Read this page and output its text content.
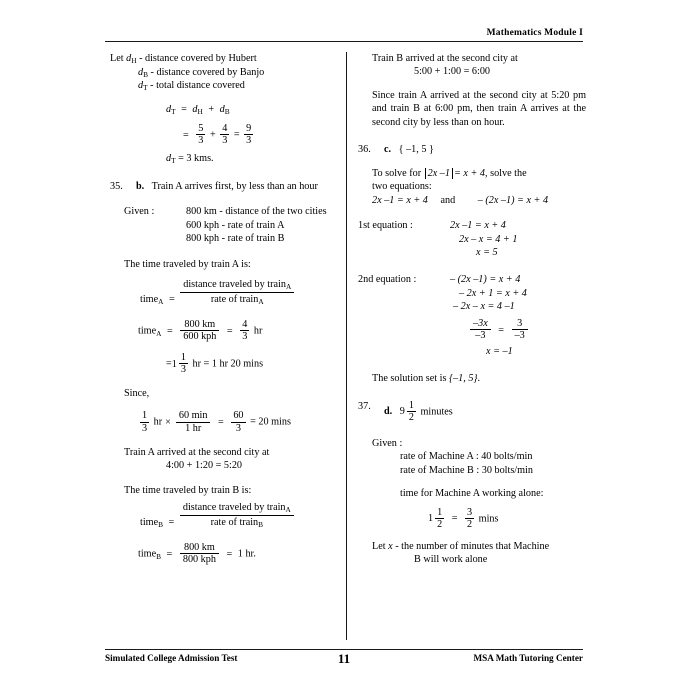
Mathematics Module I
Let $d_H$ - distance covered by Hubert
$d_B$ - distance covered by Banjo
$d_T$ - total distance covered
$d_T = d_H + d_B$
= $\frac{5}{3} + \frac{4}{3} = \frac{9}{3}$
$d_T = 3$ kms.
35. b. Train A arrives first, by less than an hour
Given :	800 km - distance of the two cities
600 kph - rate of train A
800 kph - rate of train B
The time traveled by train A is:
time$_A$ = $\frac{distance traveled by train_A}{rate of train_A}$
time$_A$ = $\frac{800 km}{\text{600 kph}} = \frac{4}{3}$ hr
$=1 \frac{1}{3}$ hr = 1 hr 20 mins
Since,
$\frac{1}{3}$ hr × $\frac{60 \min}{1 hr} = \frac{60}{3} = 20$ mins
Train A arrived at the second city at
4:00 + 1:20 = 5:20
The time traveled by train B is:
time$_B$ = $\frac{distance traveled by train_A}{rate of train_B}$
time$_B$ = $\frac{800 km}{\text{800 kph}} = 1$ hr.
Train B arrived at the second city at
5:00 + 1:00 = 6:00
Since train A arrived at the second city at 5:20 pm and train B at 6:00 pm, then train A arrives at the second city by less than on hour.
36. c. { –1, 5 }
To solve for 2x –1 = x + 4, solve the
two equations:
2x –1 = x + 4 and – (2x –1) = x + 4
1st equation :	2x –1 = x + 4
2x – x = 4 + 1
x = 5
2nd equation :	– (2x –1) = x + 4
– 2x + 1 = x + 4
– 2x – x = 4 –1
$\frac{-3x}{-3} = \frac{3}{-3}$
x = –1
The solution set is {–1, 5}.
37.
d. $9 \frac{1}{2}$ minutes
Given :
rate of Machine A : 40 bolts/min
rate of Machine B : 30 bolts/min
time for Machine A working alone:
$1 \frac{1}{2} = \frac{3}{2}$ mins
Let x - the number of minutes that Machine
B will work alone
Simulated College Admission Test	11	MSA Math Tutoring Center
